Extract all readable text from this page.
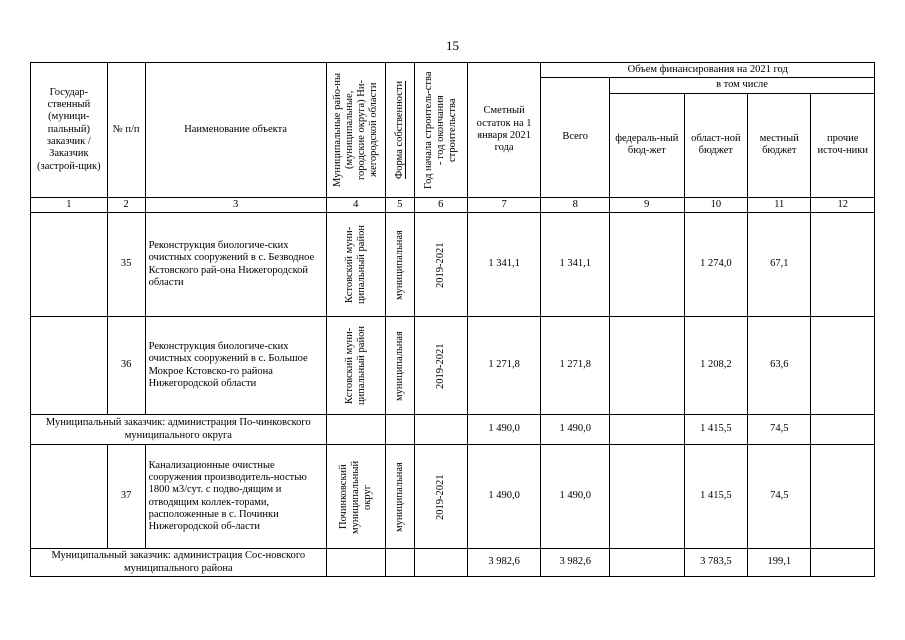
15
Государ-ственный (муници-пальный) заказчик / Заказчик (застрой-щик)	№ п/п	Наименование объекта	Муниципальные райо-ны (муниципальные, городские округа) Ни-жегородской области	Форма собственности	Год начала строитель-ства - год окончания строительства	Сметный остаток на 1 января 2021 года	Объем финансирования на 2021 год				
							Всего	в том числе			
								федераль-ный бюд-жет	област-ной бюджет	местный бюджет	прочие источ-ники
1	2	3	4	5	6	7	8	9	10	11	12
	35	Реконструкция биологиче-ских очистных сооружений в с. Безводное Кстовского рай-она Нижегородской области	Кстовский муни-ципальный район	муниципальная	2019-2021	1 341,1	1 341,1		1 274,0	67,1	
	36	Реконструкция биологиче-ских очистных сооружений в с. Большое Мокрое Кстовско-го района Нижегородской области	Кстовский муни-ципальный район	муниципальная	2019-2021	1 271,8	1 271,8		1 208,2	63,6	
Муниципальный заказчик: администрация По-чинковского муниципального округа						1 490,0	1 490,0		1 415,5	74,5	
	37	Канализационные очистные сооружения производитель-ностью 1800 м3/сут. с подво-дящим и отводящим коллек-торами, расположенные в с. Починки Нижегородской об-ласти	Починковский муниципальный округ	муниципальная	2019-2021	1 490,0	1 490,0		1 415,5	74,5	
Муниципальный заказчик: администрация Сос-новского муниципального района						3 982,6	3 982,6		3 783,5	199,1	
